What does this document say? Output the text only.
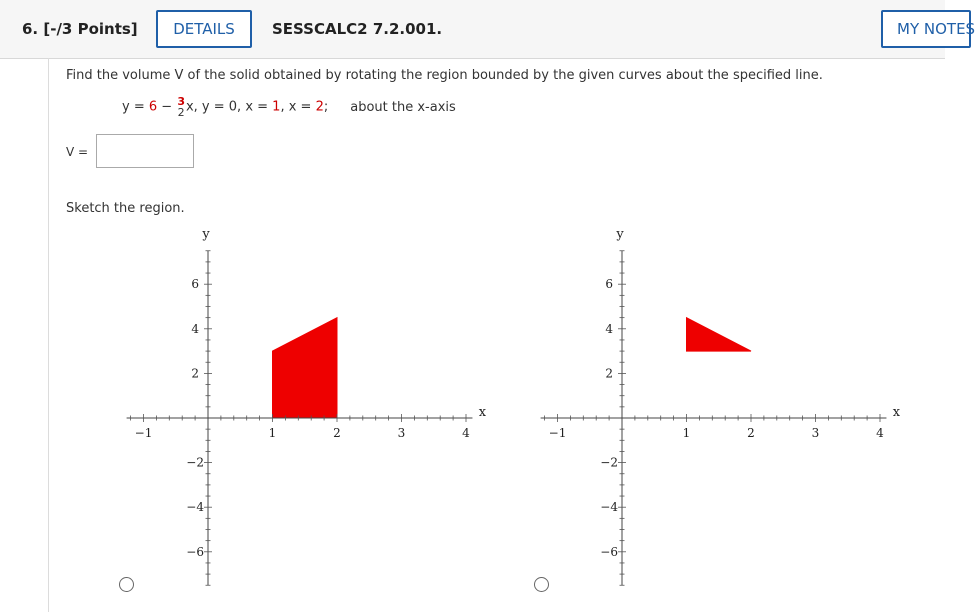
6. [-/3 Points]	DETAILS	SESSCALC2 7.2.001.	MY NOTES
Find the volume V of the solid obtained by rotating the region bounded by the given curves about the specified line.
y = 6 − 3
2 x, y = 0, x = 1, x = 2; about the x-axis
V =
Sketch the region.
−1	1	2	3	4
2
4
6
−2
−4
−6
x
y
−1	1	2	3	4
2
4
6
−2
−4
−6
x
y
